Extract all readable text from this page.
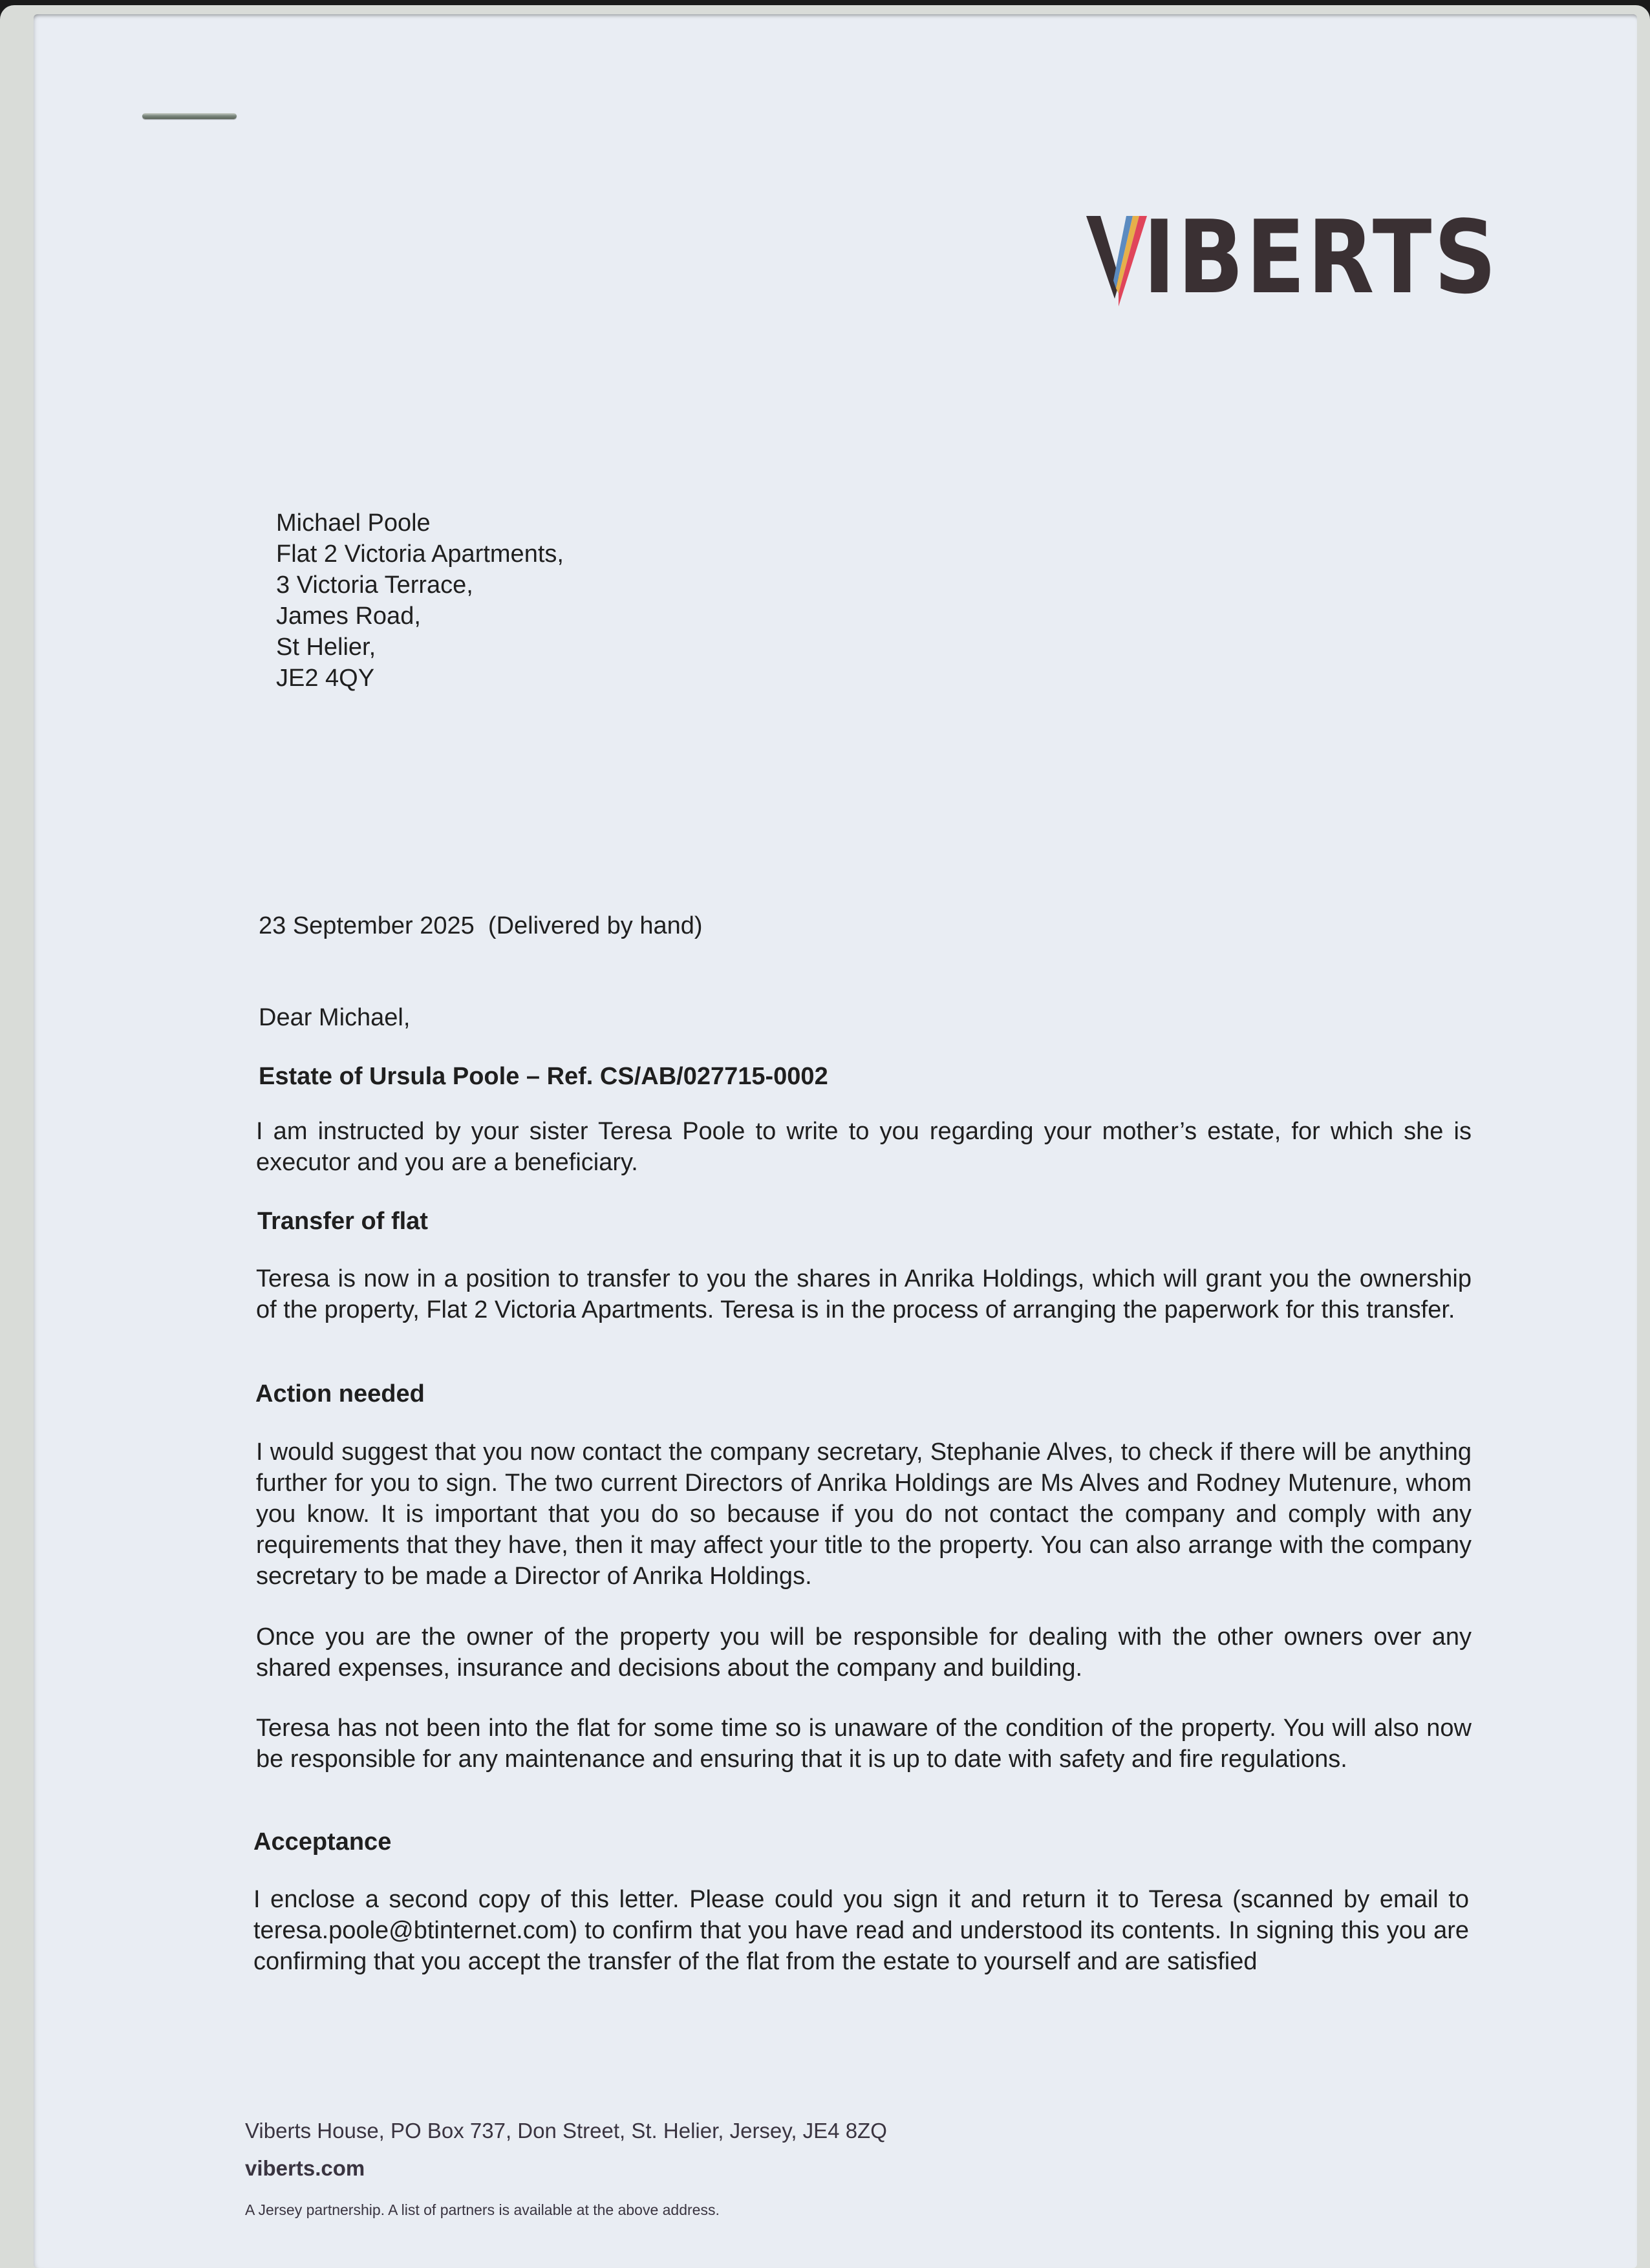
IBERTS
Michael Poole
Flat 2 Victoria Apartments,
3 Victoria Terrace,
James Road,
St Helier,
JE2 4QY
23 September 2025  (Delivered by hand)
Dear Michael,
Estate of Ursula Poole – Ref. CS/AB/027715-0002
I am instructed by your sister Teresa Poole to write to you regarding your mother’s estate, for which she is executor and you are a beneficiary.
Transfer of flat
Teresa is now in a position to transfer to you the shares in Anrika Holdings, which will grant you the ownership of the property, Flat 2 Victoria Apartments. Teresa is in the process of arranging the paperwork for this transfer.
Action needed
I would suggest that you now contact the company secretary, Stephanie Alves, to check if there will be anything further for you to sign. The two current Directors of Anrika Holdings are Ms Alves and Rodney Mutenure, whom you know. It is important that you do so because if you do not contact the company and comply with any requirements that they have, then it may affect your title to the property. You can also arrange with the company secretary to be made a Director of Anrika Holdings.
Once you are the owner of the property you will be responsible for dealing with the other owners over any shared expenses, insurance and decisions about the company and building.
Teresa has not been into the flat for some time so is unaware of the condition of the property. You will also now be responsible for any maintenance and ensuring that it is up to date with safety and fire regulations.
Acceptance
I enclose a second copy of this letter. Please could you sign it and return it to Teresa (scanned by email to teresa.poole@btinternet.com) to confirm that you have read and understood its contents. In signing this you are confirming that you accept the transfer of the flat from the estate to yourself and are satisfied
Viberts House, PO Box 737, Don Street, St. Helier, Jersey, JE4 8ZQ
viberts.com
A Jersey partnership. A list of partners is available at the above address.
